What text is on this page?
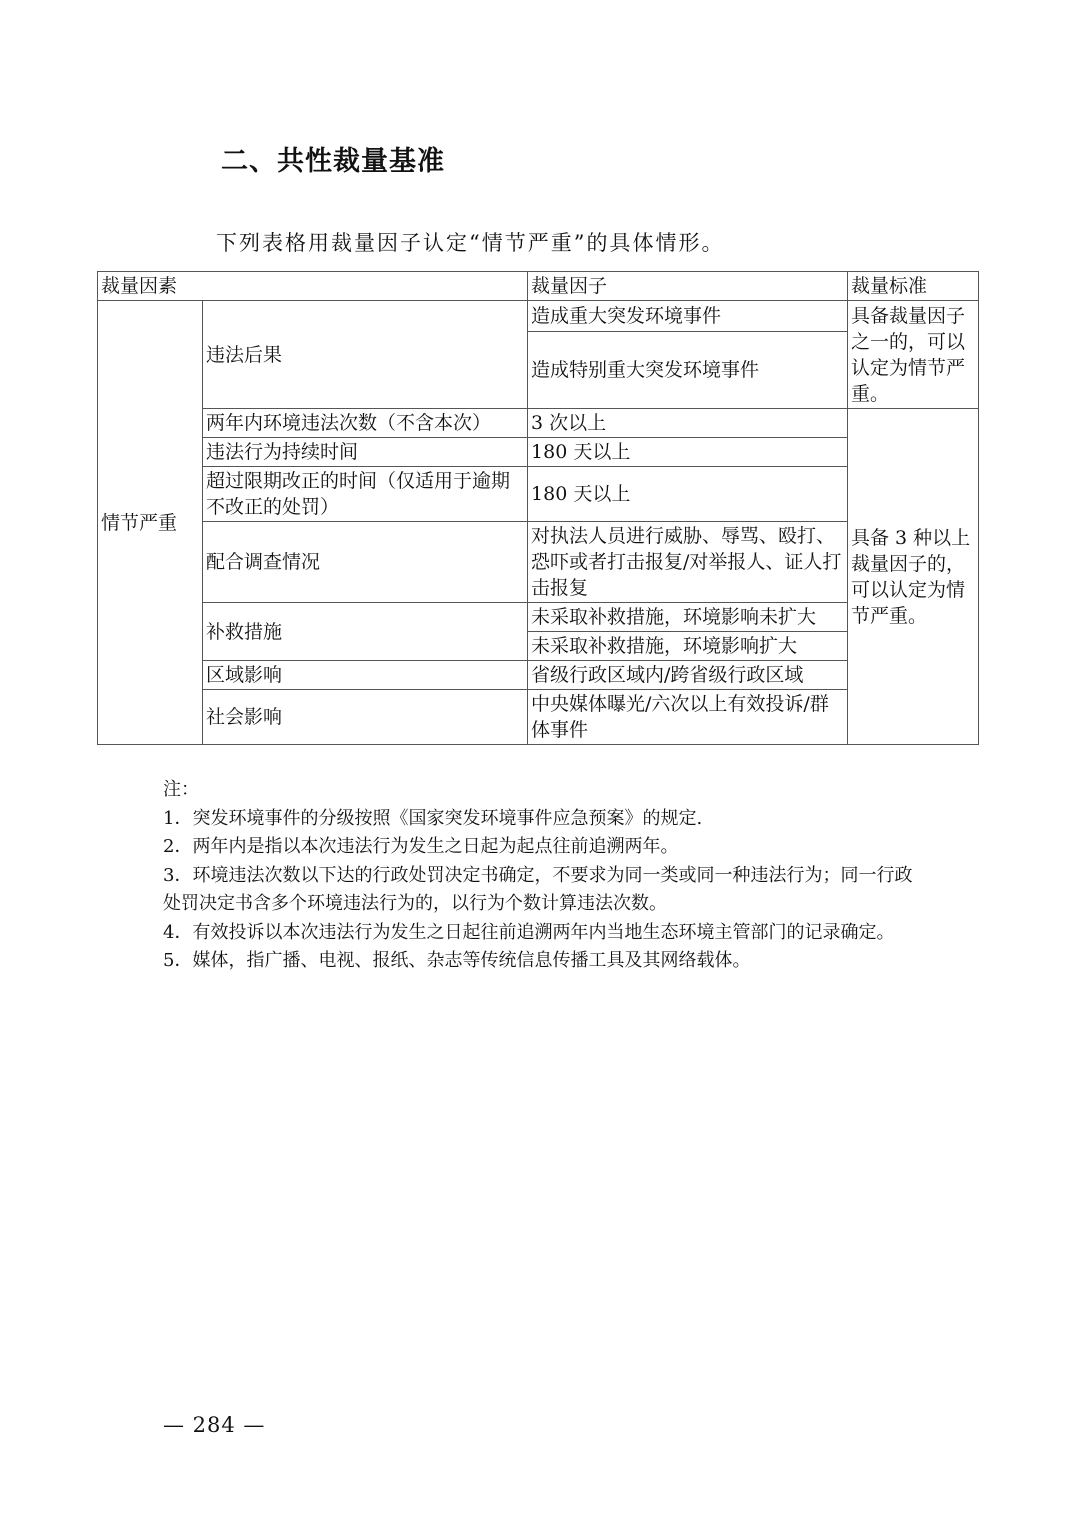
二、共性裁量基准

下列表格用裁量因子认定“情节严重”的具体情形。

裁量因素		裁量因子	裁量标准
情节严重	违法后果	造成重大突发环境事件	具备裁量因子之一的，可以认定为情节严重。
		造成特别重大突发环境事件	
	两年内环境违法次数（不含本次）	3 次以上	具备 3 种以上裁量因子的，可以认定为情节严重。
	违法行为持续时间	180 天以上	
	超过限期改正的时间（仅适用于逾期不改正的处罚）	180 天以上	
	配合调查情况	对执法人员进行威胁、辱骂、殴打、恐吓或者打击报复/对举报人、证人打击报复	
	补救措施	未采取补救措施，环境影响未扩大	
		未采取补救措施，环境影响扩大	
	区域影响	省级行政区域内/跨省级行政区域	
	社会影响	中央媒体曝光/六次以上有效投诉/群体事件	
注：
1．突发环境事件的分级按照《国家突发环境事件应急预案》的规定.
2．两年内是指以本次违法行为发生之日起为起点往前追溯两年。
3．环境违法次数以下达的行政处罚决定书确定，不要求为同一类或同一种违法行为；同一行政处罚决定书含多个环境违法行为的，以行为个数计算违法次数。
4．有效投诉以本次违法行为发生之日起往前追溯两年内当地生态环境主管部门的记录确定。
5．媒体，指广播、电视、报纸、杂志等传统信息传播工具及其网络载体。
— 284 —
